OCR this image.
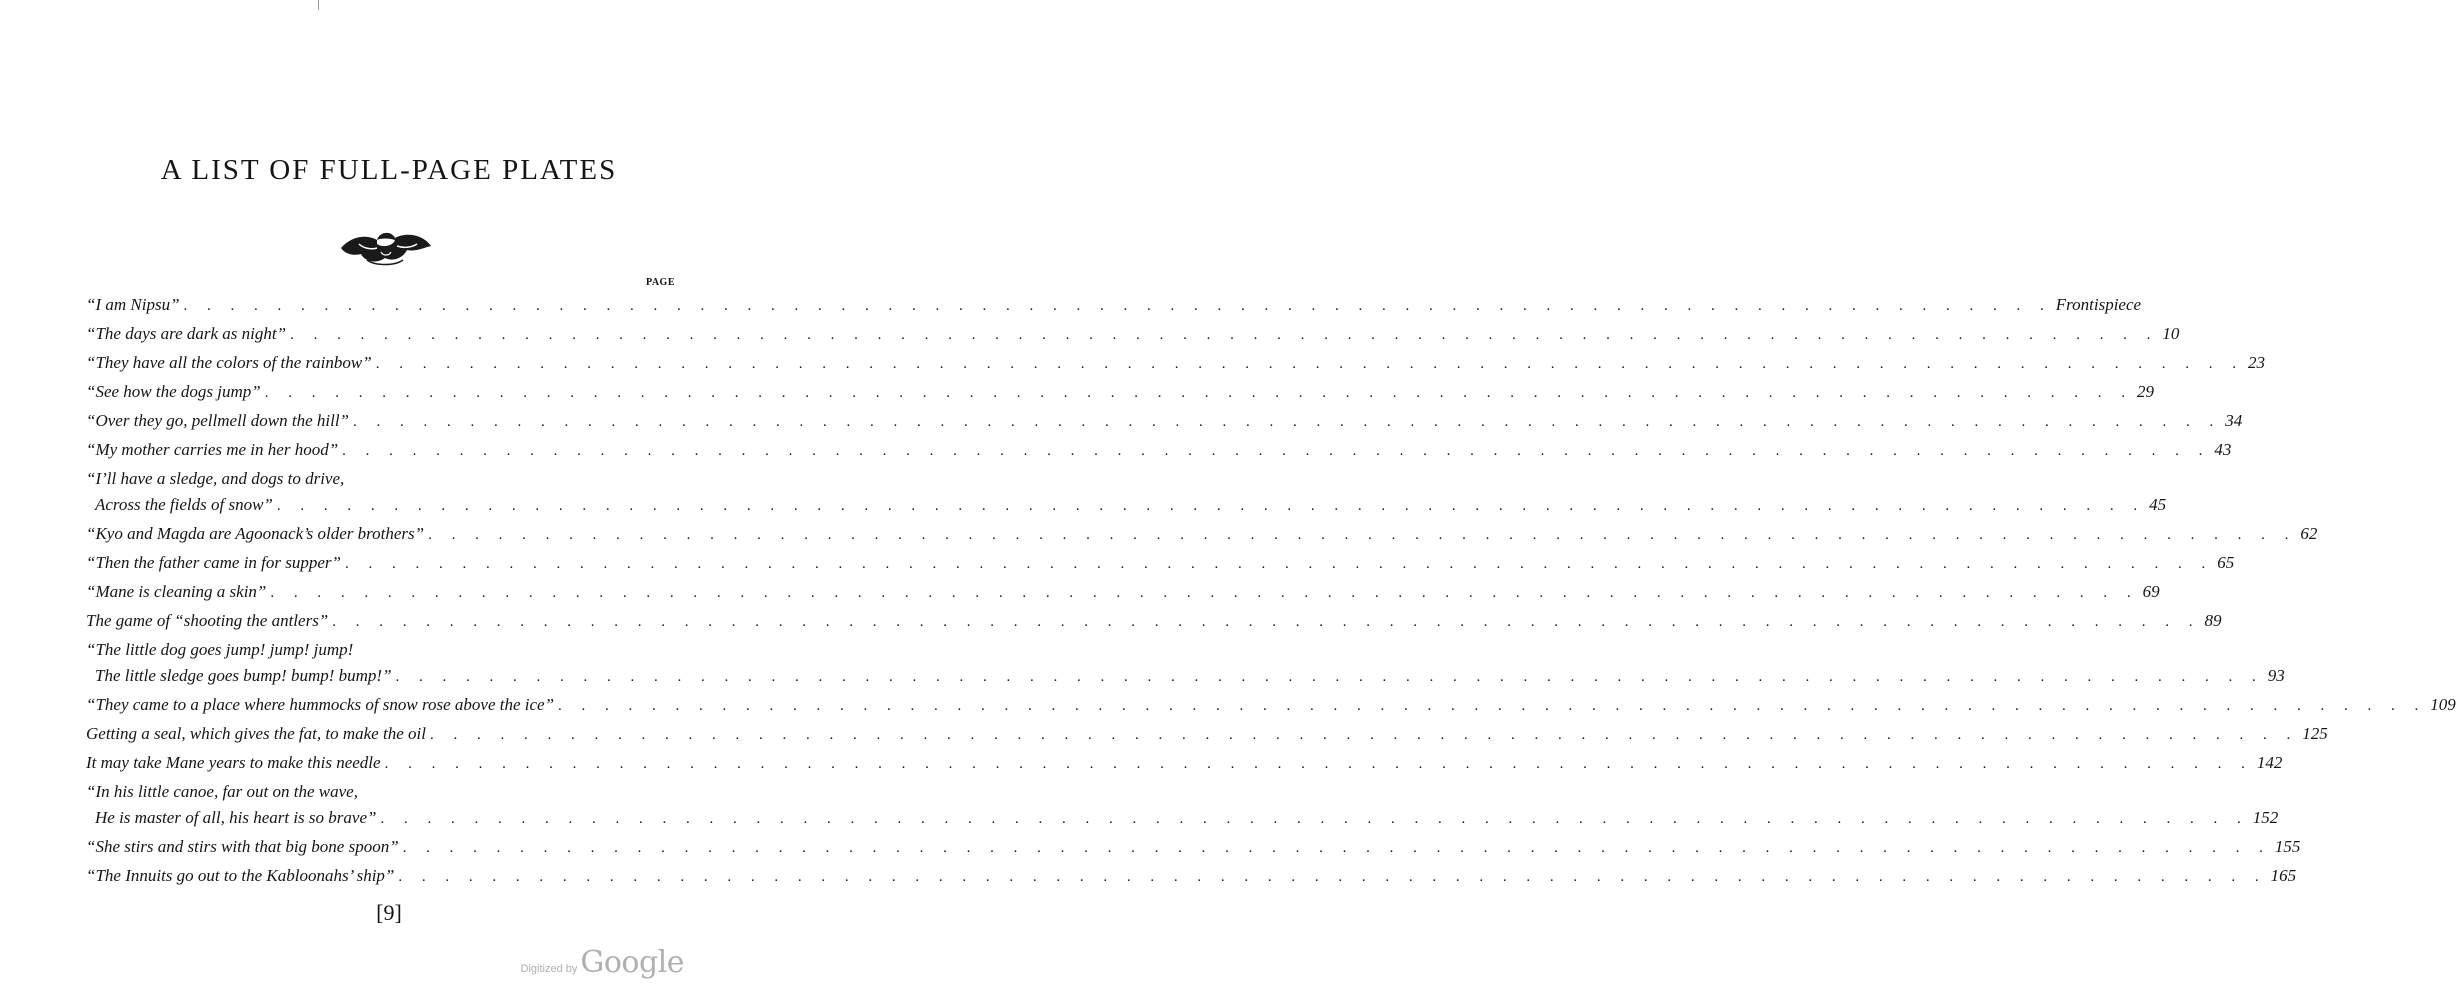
A LIST OF FULL-PAGE PLATES
PAGE
“I am Nipsu” . . . . . . . . . . . . . . . . . . . . . . . . . . . . . . . . . . . . . . . . . . . . . . . . . . . . . . . . . . . . . . . . . . . . . . . . . . . . . . . . Frontispiece
“The days are dark as night” . . . . . . . . . . . . . . . . . . . . . . . . . . . . . . . . . . . . . . . . . . . . . . . . . . . . . . . . . . . . . . . . . . . . . . . . . . . . . . . . 10
“They have all the colors of the rainbow” . . . . . . . . . . . . . . . . . . . . . . . . . . . . . . . . . . . . . . . . . . . . . . . . . . . . . . . . . . . . . . . . . . . . . . . . . . . . . . . . 23
“See how the dogs jump” . . . . . . . . . . . . . . . . . . . . . . . . . . . . . . . . . . . . . . . . . . . . . . . . . . . . . . . . . . . . . . . . . . . . . . . . . . . . . . . . 29
“Over they go, pellmell down the hill” . . . . . . . . . . . . . . . . . . . . . . . . . . . . . . . . . . . . . . . . . . . . . . . . . . . . . . . . . . . . . . . . . . . . . . . . . . . . . . . . 34
“My mother carries me in her hood” . . . . . . . . . . . . . . . . . . . . . . . . . . . . . . . . . . . . . . . . . . . . . . . . . . . . . . . . . . . . . . . . . . . . . . . . . . . . . . . . 43
“I’ll have a sledge, and dogs to drive,
Across the fields of snow” . . . . . . . . . . . . . . . . . . . . . . . . . . . . . . . . . . . . . . . . . . . . . . . . . . . . . . . . . . . . . . . . . . . . . . . . . . . . . . . . 45
“Kyo and Magda are Agoonack’s older brothers” . . . . . . . . . . . . . . . . . . . . . . . . . . . . . . . . . . . . . . . . . . . . . . . . . . . . . . . . . . . . . . . . . . . . . . . . . . . . . . . . 62
“Then the father came in for supper” . . . . . . . . . . . . . . . . . . . . . . . . . . . . . . . . . . . . . . . . . . . . . . . . . . . . . . . . . . . . . . . . . . . . . . . . . . . . . . . . 65
“Mane is cleaning a skin” . . . . . . . . . . . . . . . . . . . . . . . . . . . . . . . . . . . . . . . . . . . . . . . . . . . . . . . . . . . . . . . . . . . . . . . . . . . . . . . . 69
The game of “shooting the antlers” . . . . . . . . . . . . . . . . . . . . . . . . . . . . . . . . . . . . . . . . . . . . . . . . . . . . . . . . . . . . . . . . . . . . . . . . . . . . . . . . 89
“The little dog goes jump! jump! jump!
The little sledge goes bump! bump! bump!” . . . . . . . . . . . . . . . . . . . . . . . . . . . . . . . . . . . . . . . . . . . . . . . . . . . . . . . . . . . . . . . . . . . . . . . . . . . . . . . . 93
“They came to a place where hummocks of snow rose above the ice” . . . . . . . . . . . . . . . . . . . . . . . . . . . . . . . . . . . . . . . . . . . . . . . . . . . . . . . . . . . . . . . . . . . . . . . . . . . . . . . . 109
Getting a seal, which gives the fat, to make the oil . . . . . . . . . . . . . . . . . . . . . . . . . . . . . . . . . . . . . . . . . . . . . . . . . . . . . . . . . . . . . . . . . . . . . . . . . . . . . . . . 125
It may take Mane years to make this needle . . . . . . . . . . . . . . . . . . . . . . . . . . . . . . . . . . . . . . . . . . . . . . . . . . . . . . . . . . . . . . . . . . . . . . . . . . . . . . . . 142
“In his little canoe, far out on the wave,
He is master of all, his heart is so brave” . . . . . . . . . . . . . . . . . . . . . . . . . . . . . . . . . . . . . . . . . . . . . . . . . . . . . . . . . . . . . . . . . . . . . . . . . . . . . . . . 152
“She stirs and stirs with that big bone spoon” . . . . . . . . . . . . . . . . . . . . . . . . . . . . . . . . . . . . . . . . . . . . . . . . . . . . . . . . . . . . . . . . . . . . . . . . . . . . . . . . 155
“The Innuits go out to the Kabloonahs’ ship” . . . . . . . . . . . . . . . . . . . . . . . . . . . . . . . . . . . . . . . . . . . . . . . . . . . . . . . . . . . . . . . . . . . . . . . . . . . . . . . . 165
[9]
Digitized by Google
